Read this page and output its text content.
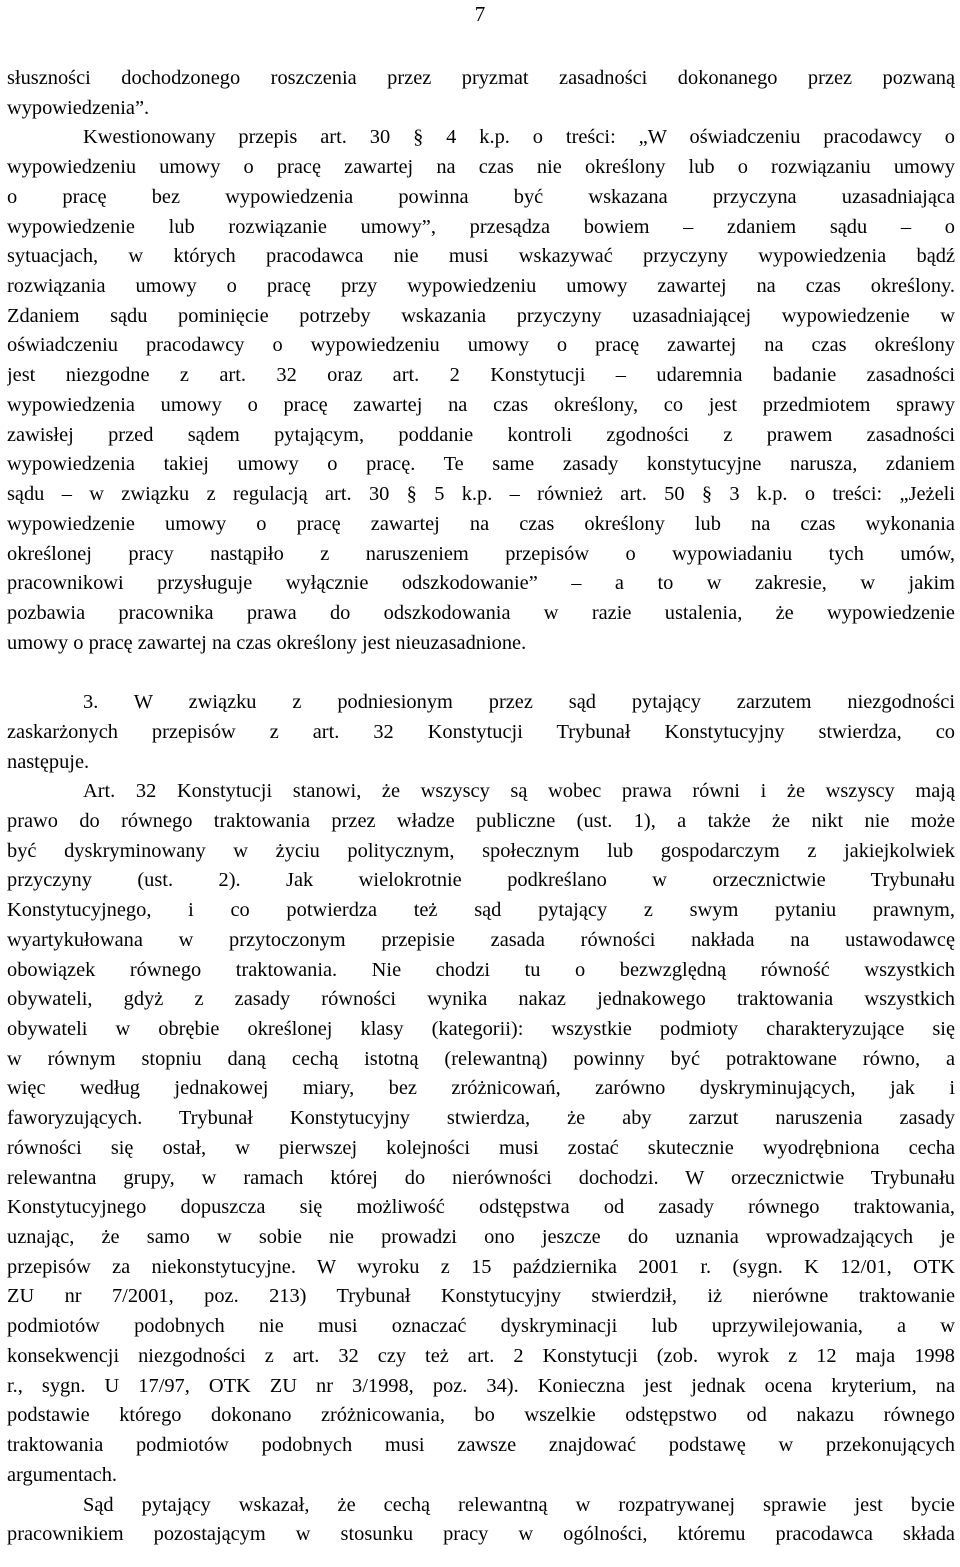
7
słuszności dochodzonego roszczenia przez pryzmat zasadności dokonanego przez pozwaną
wypowiedzenia”.
Kwestionowany przepis art. 30 § 4 k.p. o treści: „W oświadczeniu pracodawcy o
wypowiedzeniu umowy o pracę zawartej na czas nie określony lub o rozwiązaniu umowy
o pracę bez wypowiedzenia powinna być wskazana przyczyna uzasadniająca
wypowiedzenie lub rozwiązanie umowy”, przesądza bowiem – zdaniem sądu – o
sytuacjach, w których pracodawca nie musi wskazywać przyczyny wypowiedzenia bądź
rozwiązania umowy o pracę przy wypowiedzeniu umowy zawartej na czas określony.
Zdaniem sądu pominięcie potrzeby wskazania przyczyny uzasadniającej wypowiedzenie w
oświadczeniu pracodawcy o wypowiedzeniu umowy o pracę zawartej na czas określony
jest niezgodne z art. 32 oraz art. 2 Konstytucji – udaremnia badanie zasadności
wypowiedzenia umowy o pracę zawartej na czas określony, co jest przedmiotem sprawy
zawisłej przed sądem pytającym, poddanie kontroli zgodności z prawem zasadności
wypowiedzenia takiej umowy o pracę. Te same zasady konstytucyjne narusza, zdaniem
sądu – w związku z regulacją art. 30 § 5 k.p. – również art. 50 § 3 k.p. o treści: „Jeżeli
wypowiedzenie umowy o pracę zawartej na czas określony lub na czas wykonania
określonej pracy nastąpiło z naruszeniem przepisów o wypowiadaniu tych umów,
pracownikowi przysługuje wyłącznie odszkodowanie” – a to w zakresie, w jakim
pozbawia pracownika prawa do odszkodowania w razie ustalenia, że wypowiedzenie
umowy o pracę zawartej na czas określony jest nieuzasadnione.
3. W związku z podniesionym przez sąd pytający zarzutem niezgodności
zaskarżonych przepisów z art. 32 Konstytucji Trybunał Konstytucyjny stwierdza, co
następuje.
Art. 32 Konstytucji stanowi, że wszyscy są wobec prawa równi i że wszyscy mają
prawo do równego traktowania przez władze publiczne (ust. 1), a także że nikt nie może
być dyskryminowany w życiu politycznym, społecznym lub gospodarczym z jakiejkolwiek
przyczyny (ust. 2). Jak wielokrotnie podkreślano w orzecznictwie Trybunału
Konstytucyjnego, i co potwierdza też sąd pytający z swym pytaniu prawnym,
wyartykułowana w przytoczonym przepisie zasada równości nakłada na ustawodawcę
obowiązek równego traktowania. Nie chodzi tu o bezwzględną równość wszystkich
obywateli, gdyż z zasady równości wynika nakaz jednakowego traktowania wszystkich
obywateli w obrębie określonej klasy (kategorii): wszystkie podmioty charakteryzujące się
w równym stopniu daną cechą istotną (relewantną) powinny być potraktowane równo, a
więc według jednakowej miary, bez zróżnicowań, zarówno dyskryminujących, jak i
faworyzujących. Trybunał Konstytucyjny stwierdza, że aby zarzut naruszenia zasady
równości się ostał, w pierwszej kolejności musi zostać skutecznie wyodrębniona cecha
relewantna grupy, w ramach której do nierówności dochodzi. W orzecznictwie Trybunału
Konstytucyjnego dopuszcza się możliwość odstępstwa od zasady równego traktowania,
uznając, że samo w sobie nie prowadzi ono jeszcze do uznania wprowadzających je
przepisów za niekonstytucyjne. W wyroku z 15 października 2001 r. (sygn. K 12/01, OTK
ZU nr 7/2001, poz. 213) Trybunał Konstytucyjny stwierdził, iż nierówne traktowanie
podmiotów podobnych nie musi oznaczać dyskryminacji lub uprzywilejowania, a w
konsekwencji niezgodności z art. 32 czy też art. 2 Konstytucji (zob. wyrok z 12 maja 1998
r., sygn. U 17/97, OTK ZU nr 3/1998, poz. 34). Konieczna jest jednak ocena kryterium, na
podstawie którego dokonano zróżnicowania, bo wszelkie odstępstwo od nakazu równego
traktowania podmiotów podobnych musi zawsze znajdować podstawę w przekonujących
argumentach.
Sąd pytający wskazał, że cechą relewantną w rozpatrywanej sprawie jest bycie
pracownikiem pozostającym w stosunku pracy w ogólności, któremu pracodawca składa
